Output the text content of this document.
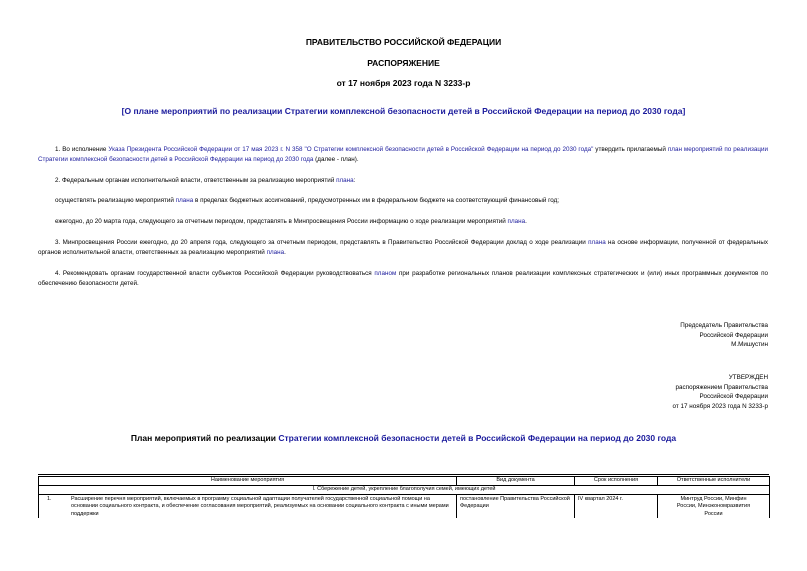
ПРАВИТЕЛЬСТВО РОССИЙСКОЙ ФЕДЕРАЦИИ
РАСПОРЯЖЕНИЕ
от 17 ноября 2023 года N 3233-р
[О плане мероприятий по реализации Стратегии комплексной безопасности детей в Российской Федерации на период до 2030 года]
1. Во исполнение Указа Президента Российской Федерации от 17 мая 2023 г. N 358 "О Стратегии комплексной безопасности детей в Российской Федерации на период до 2030 года" утвердить прилагаемый план мероприятий по реализации Стратегии комплексной безопасности детей в Российской Федерации на период до 2030 года (далее - план).
2. Федеральным органам исполнительной власти, ответственным за реализацию мероприятий плана:
осуществлять реализацию мероприятий плана в пределах бюджетных ассигнований, предусмотренных им в федеральном бюджете на соответствующий финансовый год;
ежегодно, до 20 марта года, следующего за отчетным периодом, представлять в Минпросвещения России информацию о ходе реализации мероприятий плана.
3. Минпросвещения России ежегодно, до 20 апреля года, следующего за отчетным периодом, представлять в Правительство Российской Федерации доклад о ходе реализации плана на основе информации, полученной от федеральных органов исполнительной власти, ответственных за реализацию мероприятий плана.
4. Рекомендовать органам государственной власти субъектов Российской Федерации руководствоваться планом при разработке региональных планов реализации комплексных стратегических и (или) иных программных документов по обеспечению безопасности детей.
Председатель Правительства
Российской Федерации
М.Мишустин
УТВЕРЖДЕН
распоряжением Правительства
Российской Федерации
от 17 ноября 2023 года N 3233-р
План мероприятий по реализации Стратегии комплексной безопасности детей в Российской Федерации на период до 2030 года
Наименование мероприятия	Вид документа	Срок исполнения	Ответственные исполнители
I. Сбережение детей, укрепление благополучия семей, имеющих детей			

1. Расширение перечня мероприятий, включаемых в программу социальной адаптации получателей государственной социальной помощи на основании социального контракта, и обеспечение согласования мероприятий, реализуемых на основании социального контракта с иными мерами поддержки	постановление Правительства Российской Федерации	IV квартал 2024 г.	Минтруд России, Минфин России, Минэкономразвития России
